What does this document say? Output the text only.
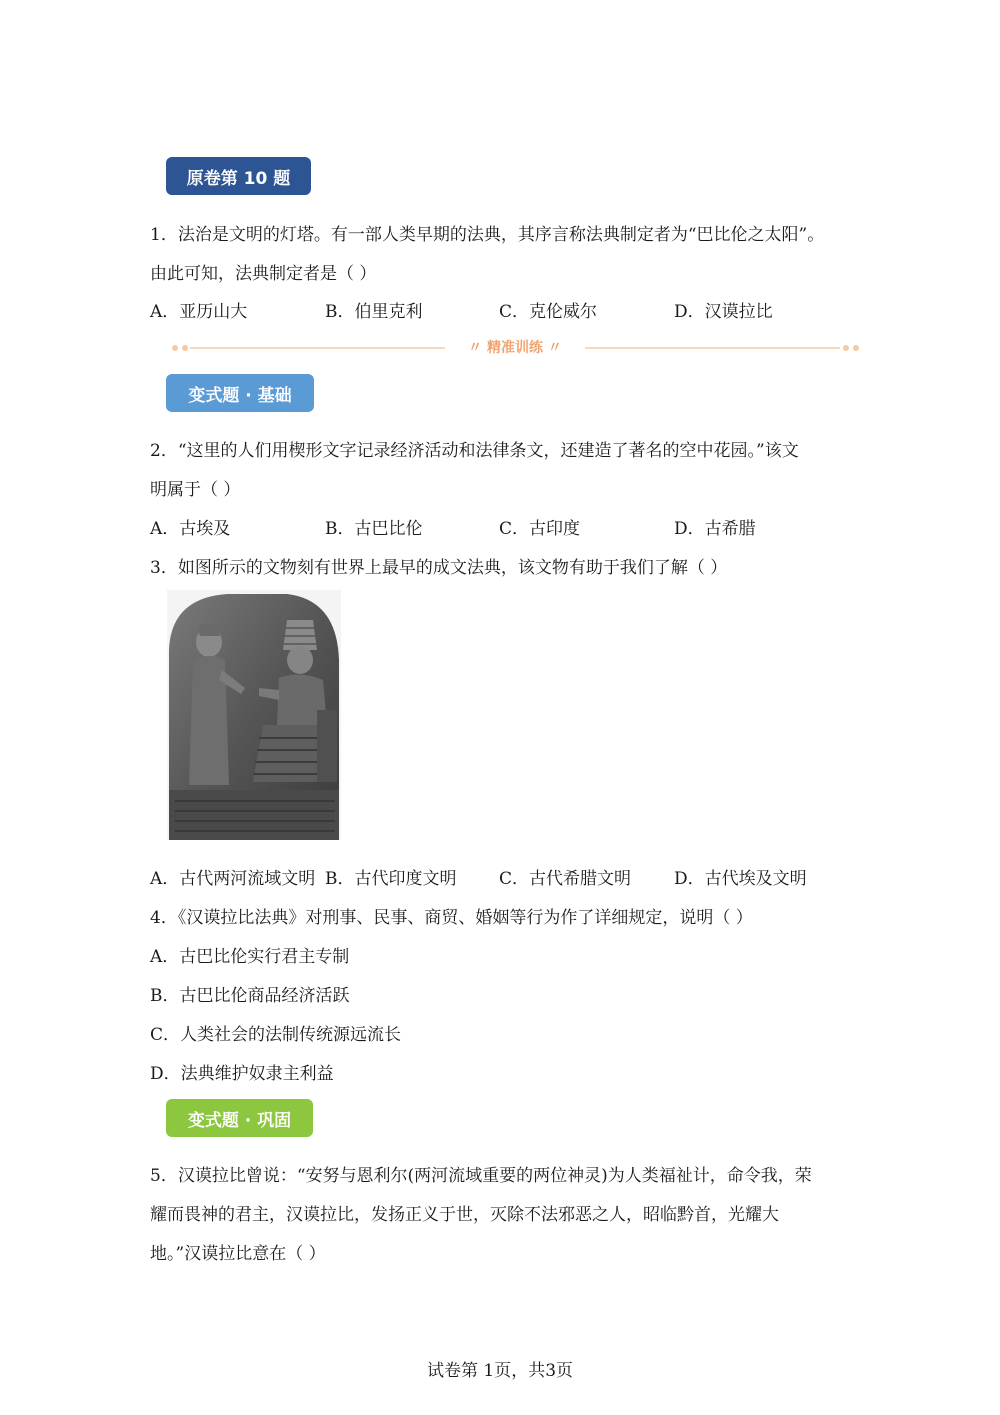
原卷第 10 题
1．法治是文明的灯塔。有一部人类早期的法典，其序言称法典制定者为“巴比伦之太阳”。
由此可知，法典制定者是（ ）
A．亚历山大	B．伯里克利	C．克伦威尔	D．汉谟拉比
〃 精准训练 〃
变式题 · 基础
2．“这里的人们用楔形文字记录经济活动和法律条文，还建造了著名的空中花园。”该文
明属于（ ）
A．古埃及	B．古巴比伦	C．古印度	D．古希腊
3．如图所示的文物刻有世界上最早的成文法典，该文物有助于我们了解（ ）
A．古代两河流域文明 B．古代印度文明	C．古代希腊文明	D．古代埃及文明
4．《汉谟拉比法典》对刑事、民事、商贸、婚姻等行为作了详细规定，说明（ ）
A．古巴比伦实行君主专制
B．古巴比伦商品经济活跃
C．人类社会的法制传统源远流长
D．法典维护奴隶主利益
变式题 · 巩固
5．汉谟拉比曾说：“安努与恩利尔(两河流域重要的两位神灵)为人类福祉计，命令我，荣
耀而畏神的君主，汉谟拉比，发扬正义于世，灭除不法邪恶之人，昭临黔首，光耀大
地。”汉谟拉比意在（ ）
试卷第 1页，共3页
